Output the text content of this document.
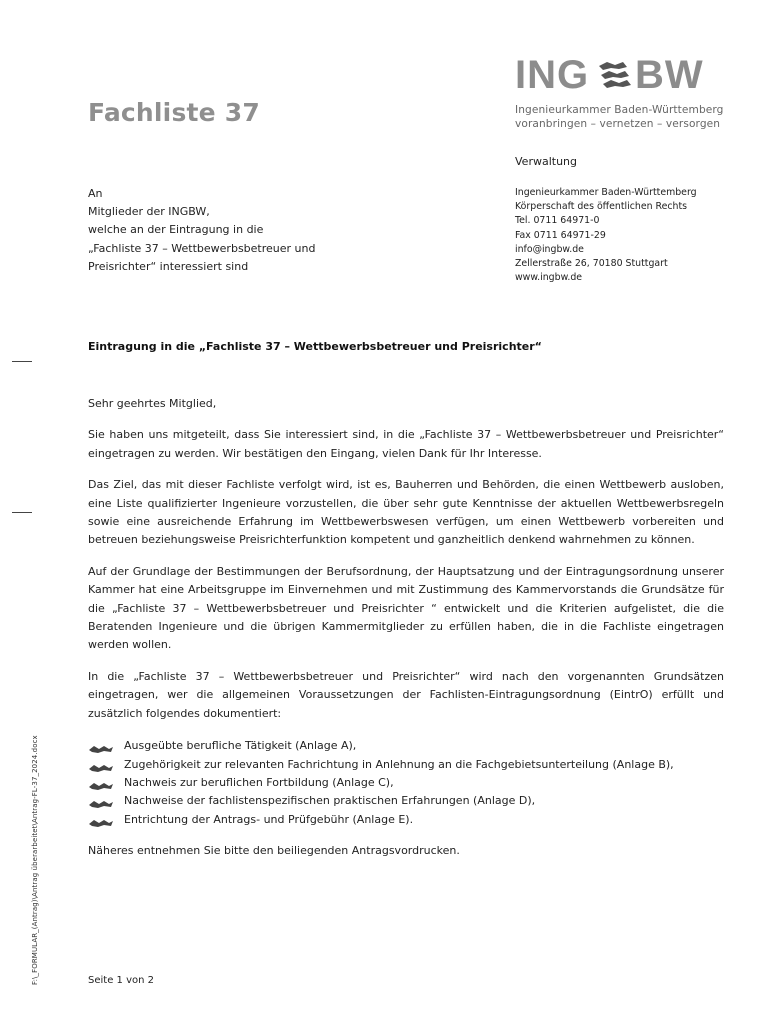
Fachliste 37
ING BW
Ingenieurkammer Baden-Württemberg
voranbringen – vernetzen – versorgen
Verwaltung
An
Mitglieder der INGBW,
welche an der Eintragung in die
„Fachliste 37 – Wettbewerbsbetreuer und
Preisrichter“ interessiert sind
Ingenieurkammer Baden-Württemberg
Körperschaft des öffentlichen Rechts
Tel. 0711 64971-0
Fax 0711 64971-29
info@ingbw.de
Zellerstraße 26, 70180 Stuttgart
www.ingbw.de
Eintragung in die „Fachliste 37 – Wettbewerbsbetreuer und Preisrichter“

Sehr geehrtes Mitglied,

Sie haben uns mitgeteilt, dass Sie interessiert sind, in die „Fachliste 37 – Wettbewerbsbetreuer und Preisrichter“ eingetragen zu werden. Wir bestätigen den Eingang, vielen Dank für Ihr Interesse.

Das Ziel, das mit dieser Fachliste verfolgt wird, ist es, Bauherren und Behörden, die einen Wettbewerb ausloben, eine Liste qualifizierter Ingenieure vorzustellen, die über sehr gute Kenntnisse der aktuellen Wettbewerbsregeln sowie eine ausreichende Erfahrung im Wettbewerbswesen verfügen, um einen Wettbewerb vorbereiten und betreuen beziehungsweise Preisrichterfunktion kompetent und ganzheitlich denkend wahrnehmen zu können.

Auf der Grundlage der Bestimmungen der Berufsordnung, der Hauptsatzung und der Eintragungsordnung unserer Kammer hat eine Arbeitsgruppe im Einvernehmen und mit Zustimmung des Kammervorstands die Grundsätze für die „Fachliste 37 – Wettbewerbsbetreuer und Preisrichter “ entwickelt und die Kriterien aufgelistet, die die Beratenden Ingenieure und die übrigen Kammermitglieder zu erfüllen haben, die in die Fachliste eingetragen werden wollen.

In die „Fachliste 37 – Wettbewerbsbetreuer und Preisrichter“ wird nach den vorgenannten Grundsätzen eingetragen, wer die allgemeinen Voraussetzungen der Fachlisten-Eintragungsordnung (EintrO) erfüllt und zusätzlich folgendes dokumentiert:

Ausgeübte berufliche Tätigkeit (Anlage A),
Zugehörigkeit zur relevanten Fachrichtung in Anlehnung an die Fachgebietsunterteilung (Anlage B),
Nachweis zur beruflichen Fortbildung (Anlage C),
Nachweise der fachlistenspezifischen praktischen Erfahrungen (Anlage D),
Entrichtung der Antrags- und Prüfgebühr (Anlage E).

Näheres entnehmen Sie bitte den beiliegenden Antragsvordrucken.

Seite 1 von 2
F:\_FORMULAR_(Antrag)\Antrag überarbeitet\Antrag-FL-37_2024.docx
